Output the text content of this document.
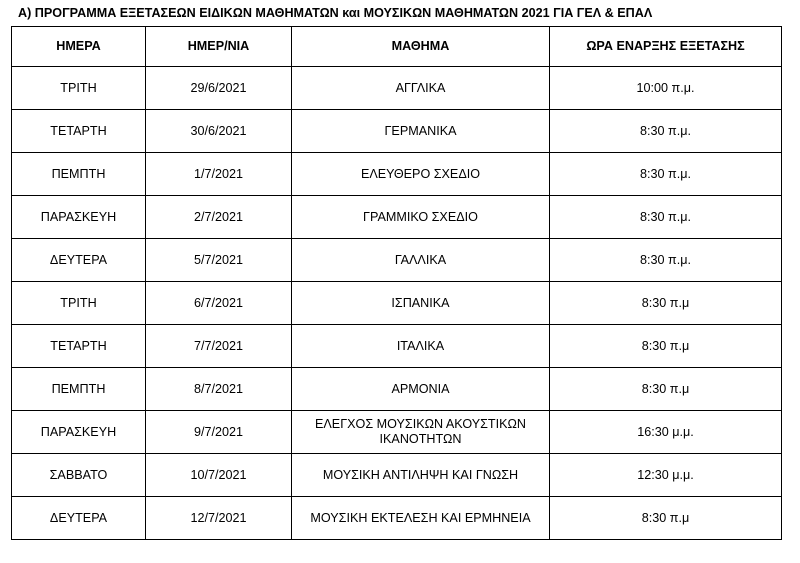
Α) ΠΡΟΓΡΑΜΜΑ ΕΞΕΤΑΣΕΩΝ ΕΙΔΙΚΩΝ ΜΑΘΗΜΑΤΩΝ και ΜΟΥΣΙΚΩΝ ΜΑΘΗΜΑΤΩΝ 2021 ΓΙΑ ΓΕΛ & ΕΠΑΛ
ΗΜΕΡΑ	ΗΜΕΡ/ΝΙΑ	ΜΑΘΗΜΑ	ΩΡΑ ΕΝΑΡΞΗΣ ΕΞΕΤΑΣΗΣ
ΤΡΙΤΗ	29/6/2021	ΑΓΓΛΙΚΑ	10:00 π.μ.
ΤΕΤΑΡΤΗ	30/6/2021	ΓΕΡΜΑΝΙΚΑ	8:30 π.μ.
ΠΕΜΠΤΗ	1/7/2021	ΕΛΕΥΘΕΡΟ ΣΧΕΔΙΟ	8:30 π.μ.
ΠΑΡΑΣΚΕΥΗ	2/7/2021	ΓΡΑΜΜΙΚΟ ΣΧΕΔΙΟ	8:30 π.μ.
ΔΕΥΤΕΡΑ	5/7/2021	ΓΑΛΛΙΚΑ	8:30 π.μ.
ΤΡΙΤΗ	6/7/2021	ΙΣΠΑΝΙΚΑ	8:30 π.μ
ΤΕΤΑΡΤΗ	7/7/2021	ΙΤΑΛΙΚΑ	8:30 π.μ
ΠΕΜΠΤΗ	8/7/2021	ΑΡΜΟΝΙΑ	8:30 π.μ
ΠΑΡΑΣΚΕΥΗ	9/7/2021	ΕΛΕΓΧΟΣ ΜΟΥΣΙΚΩΝ ΑΚΟΥΣΤΙΚΩΝ ΙΚΑΝΟΤΗΤΩΝ	16:30 μ.μ.
ΣΑΒΒΑΤΟ	10/7/2021	ΜΟΥΣΙΚΗ ΑΝΤΙΛΗΨΗ ΚΑΙ ΓΝΩΣΗ	12:30 μ.μ.
ΔΕΥΤΕΡΑ	12/7/2021	ΜΟΥΣΙΚΗ ΕΚΤΕΛΕΣΗ ΚΑΙ ΕΡΜΗΝΕΙΑ	8:30 π.μ
